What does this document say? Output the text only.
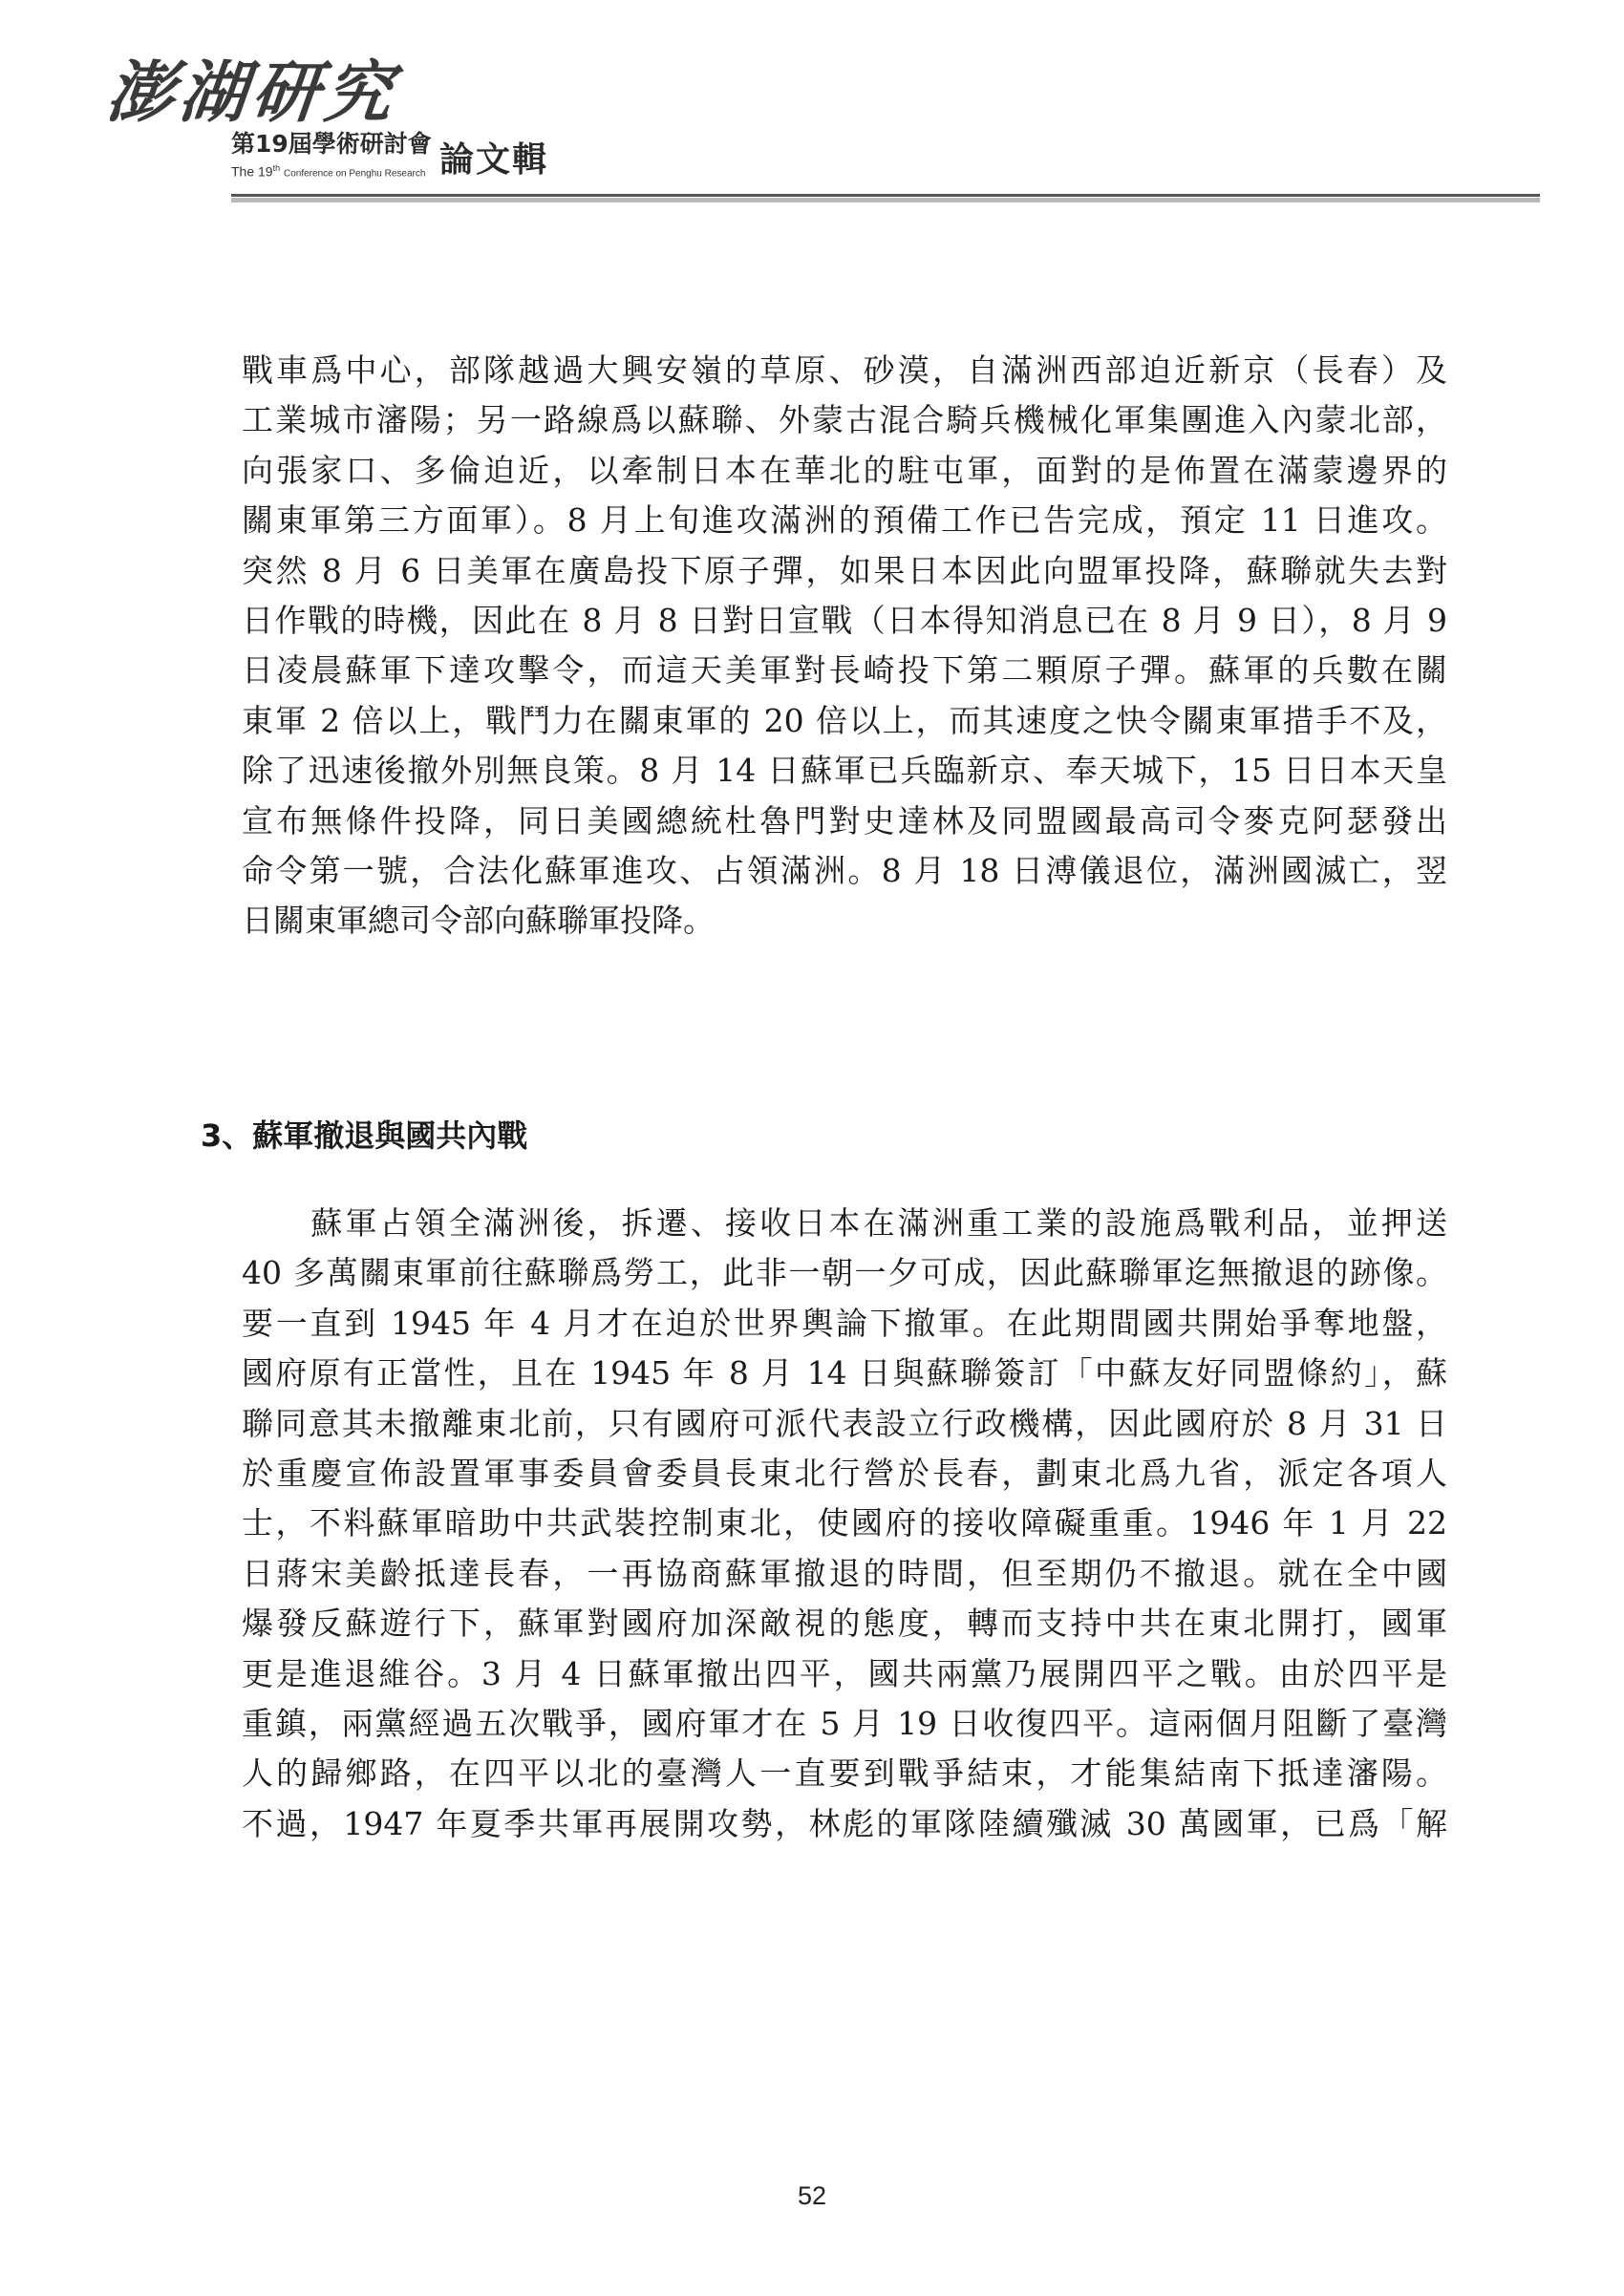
澎湖研究
第19屆學術研討會
The 19th Conference on Penghu Research 論文輯
戰車爲中心，部隊越過大興安嶺的草原、砂漠，自滿洲西部迫近新京（長春）及
工業城市瀋陽；另一路線爲以蘇聯、外蒙古混合騎兵機械化軍集團進入內蒙北部，
向張家口、多倫迫近，以牽制日本在華北的駐屯軍，面對的是佈置在滿蒙邊界的
關東軍第三方面軍）。8 月上旬進攻滿洲的預備工作已告完成，預定 11 日進攻。
突然 8 月 6 日美軍在廣島投下原子彈，如果日本因此向盟軍投降，蘇聯就失去對
日作戰的時機，因此在 8 月 8 日對日宣戰（日本得知消息已在 8 月 9 日），8 月 9
日凌晨蘇軍下達攻擊令，而這天美軍對長崎投下第二顆原子彈。蘇軍的兵數在關
東軍 2 倍以上，戰鬥力在關東軍的 20 倍以上，而其速度之快令關東軍措手不及，
除了迅速後撤外別無良策。8 月 14 日蘇軍已兵臨新京、奉天城下，15 日日本天皇
宣布無條件投降，同日美國總統杜魯門對史達林及同盟國最高司令麥克阿瑟發出
命令第一號，合法化蘇軍進攻、占領滿洲。8 月 18 日溥儀退位，滿洲國滅亡，翌
日關東軍總司令部向蘇聯軍投降。
3、蘇軍撤退與國共內戰
　　蘇軍占領全滿洲後，拆遷、接收日本在滿洲重工業的設施爲戰利品，並押送
40 多萬關東軍前往蘇聯爲勞工，此非一朝一夕可成，因此蘇聯軍迄無撤退的跡像。
要一直到 1945 年 4 月才在迫於世界輿論下撤軍。在此期間國共開始爭奪地盤，
國府原有正當性，且在 1945 年 8 月 14 日與蘇聯簽訂「中蘇友好同盟條約」，蘇
聯同意其未撤離東北前，只有國府可派代表設立行政機構，因此國府於 8 月 31 日
於重慶宣佈設置軍事委員會委員長東北行營於長春，劃東北爲九省，派定各項人
士，不料蘇軍暗助中共武裝控制東北，使國府的接收障礙重重。1946 年 1 月 22
日蔣宋美齡抵達長春，一再協商蘇軍撤退的時間，但至期仍不撤退。就在全中國
爆發反蘇遊行下，蘇軍對國府加深敵視的態度，轉而支持中共在東北開打，國軍
更是進退維谷。3 月 4 日蘇軍撤出四平，國共兩黨乃展開四平之戰。由於四平是
重鎮，兩黨經過五次戰爭，國府軍才在 5 月 19 日收復四平。這兩個月阻斷了臺灣
人的歸鄉路，在四平以北的臺灣人一直要到戰爭結束，才能集結南下抵達瀋陽。
不過，1947 年夏季共軍再展開攻勢，林彪的軍隊陸續殲滅 30 萬國軍，已爲「解
52
